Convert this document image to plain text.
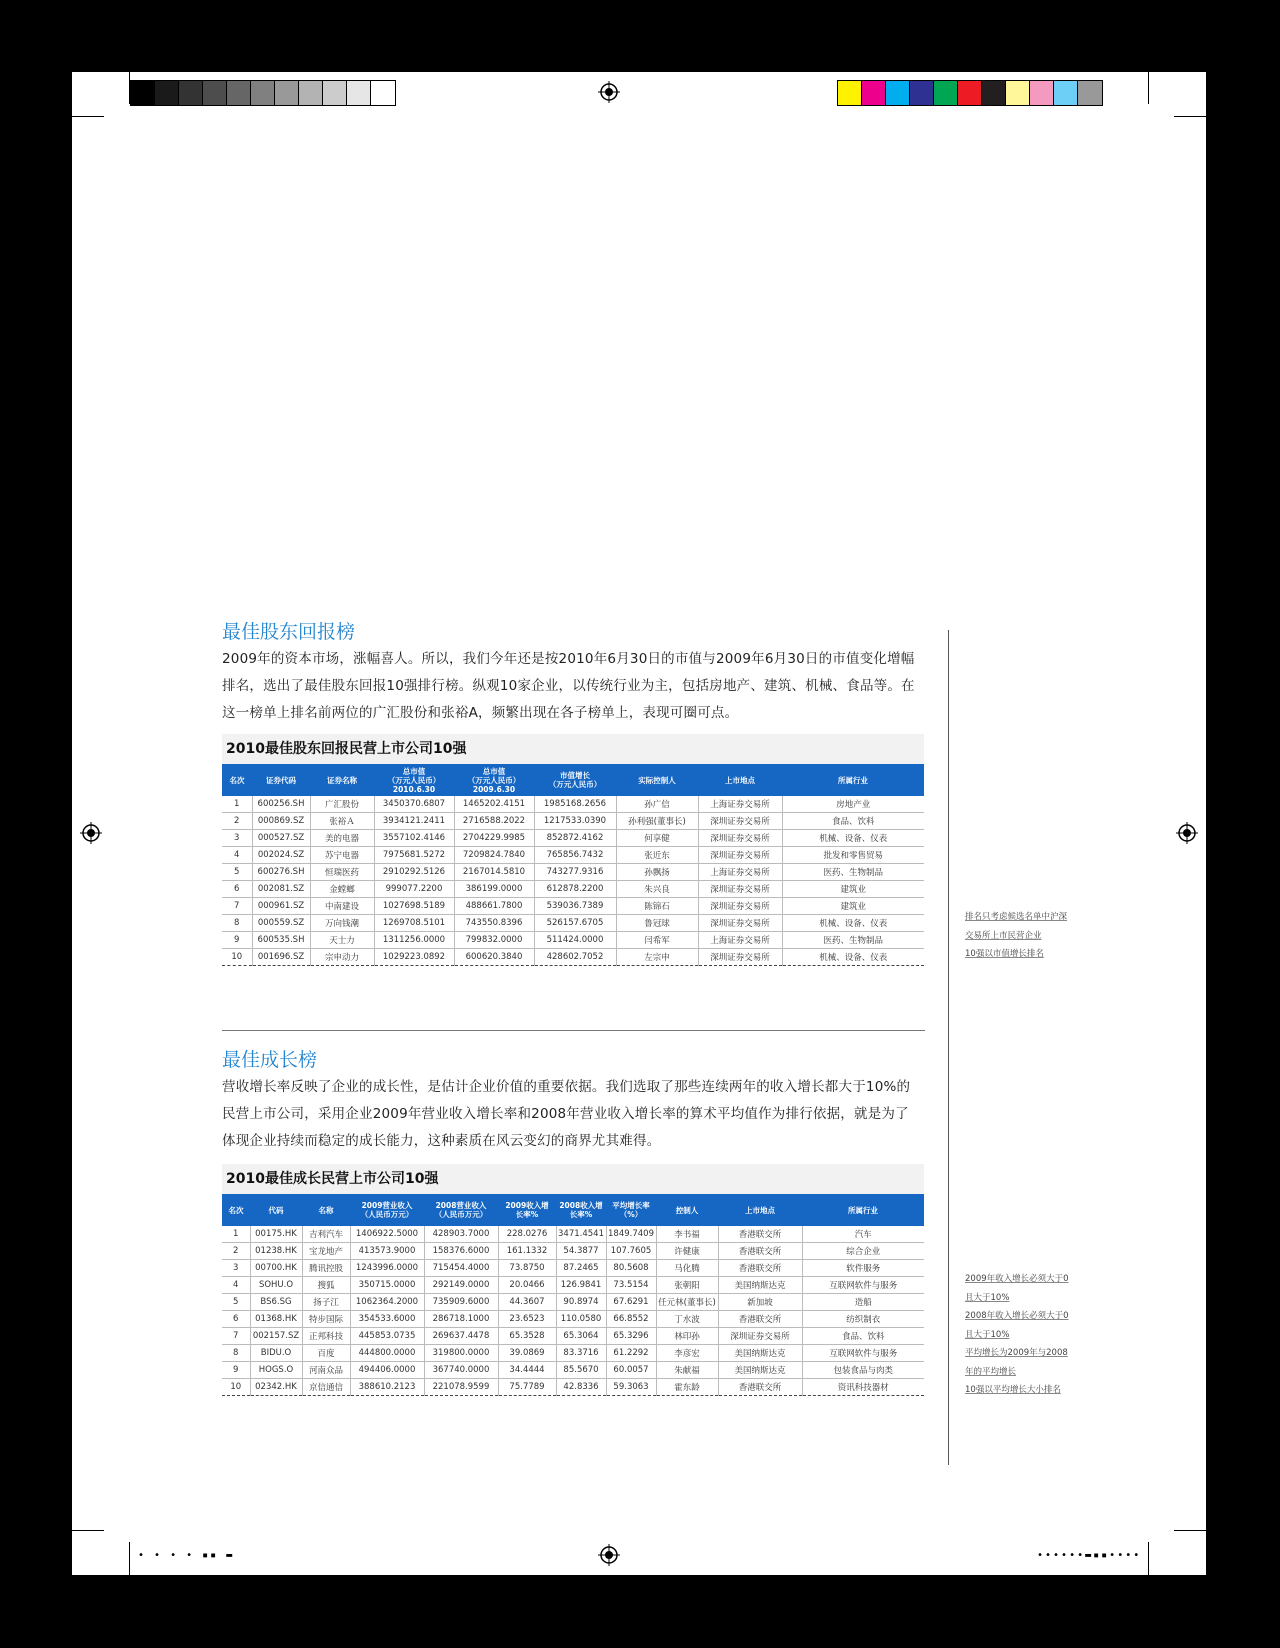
• • • • ▪▪ ▬	••••••▬▪▪••••
最佳股东回报榜
2009年的资本市场，涨幅喜人。所以，我们今年还是按2010年6月30日的市值与2009年6月30日的市值变化增幅排名，选出了最佳股东回报10强排行榜。纵观10家企业，以传统行业为主，包括房地产、建筑、机械、食品等。在这一榜单上排名前两位的广汇股份和张裕A，频繁出现在各子榜单上，表现可圈可点。
2010最佳股东回报民营上市公司10强
名次	证券代码	证券名称	总市值
（万元人民币）
2010.6.30	总市值
（万元人民币）
2009.6.30	市值增长
（万元人民币）	实际控制人	上市地点	所属行业
1	600256.SH	广汇股份	3450370.6807	1465202.4151	1985168.2656	孙广信	上海证券交易所	房地产业
2	000869.SZ	张裕Ａ	3934121.2411	2716588.2022	1217533.0390	孙利强(董事长)	深圳证券交易所	食品、饮料
3	000527.SZ	美的电器	3557102.4146	2704229.9985	852872.4162	何享健	深圳证券交易所	机械、设备、仪表
4	002024.SZ	苏宁电器	7975681.5272	7209824.7840	765856.7432	张近东	深圳证券交易所	批发和零售贸易
5	600276.SH	恒瑞医药	2910292.5126	2167014.5810	743277.9316	孙飘扬	上海证券交易所	医药、生物制品
6	002081.SZ	金螳螂	999077.2200	386199.0000	612878.2200	朱兴良	深圳证券交易所	建筑业
7	000961.SZ	中南建设	1027698.5189	488661.7800	539036.7389	陈锦石	深圳证券交易所	建筑业
8	000559.SZ	万向钱潮	1269708.5101	743550.8396	526157.6705	鲁冠球	深圳证券交易所	机械、设备、仪表
9	600535.SH	天士力	1311256.0000	799832.0000	511424.0000	闫希军	上海证券交易所	医药、生物制品
10	001696.SZ	宗申动力	1029223.0892	600620.3840	428602.7052	左宗申	深圳证券交易所	机械、设备、仪表
排名只考虑候选名单中沪深
交易所上市民营企业
10强以市值增长排名
最佳成长榜
营收增长率反映了企业的成长性，是估计企业价值的重要依据。我们选取了那些连续两年的收入增长都大于10%的民营上市公司，采用企业2009年营业收入增长率和2008年营业收入增长率的算术平均值作为排行依据，就是为了体现企业持续而稳定的成长能力，这种素质在风云变幻的商界尤其难得。
2010最佳成长民营上市公司10强
名次	代码	名称	2009营业收入
（人民币万元）	2008营业收入
（人民币万元）	2009收入增
长率%	2008收入增
长率%	平均增长率
（%）	控制人	上市地点	所属行业
1	00175.HK	吉利汽车	1406922.5000	428903.7000	228.0276	3471.4541	1849.7409	李书福	香港联交所	汽车
2	01238.HK	宝龙地产	413573.9000	158376.6000	161.1332	54.3877	107.7605	许健康	香港联交所	综合企业
3	00700.HK	腾讯控股	1243996.0000	715454.4000	73.8750	87.2465	80.5608	马化腾	香港联交所	软件服务
4	SOHU.O	搜狐	350715.0000	292149.0000	20.0466	126.9841	73.5154	张朝阳	美国纳斯达克	互联网软件与服务
5	BS6.SG	扬子江	1062364.2000	735909.6000	44.3607	90.8974	67.6291	任元林(董事长)	新加坡	造船
6	01368.HK	特步国际	354533.6000	286718.1000	23.6523	110.0580	66.8552	丁水波	香港联交所	纺织制衣
7	002157.SZ	正邦科技	445853.0735	269637.4478	65.3528	65.3064	65.3296	林印孙	深圳证券交易所	食品、饮料
8	BIDU.O	百度	444800.0000	319800.0000	39.0869	83.3716	61.2292	李彦宏	美国纳斯达克	互联网软件与服务
9	HOGS.O	河南众品	494406.0000	367740.0000	34.4444	85.5670	60.0057	朱献福	美国纳斯达克	包装食品与肉类
10	02342.HK	京信通信	388610.2123	221078.9599	75.7789	42.8336	59.3063	霍东龄	香港联交所	资讯科技器材
2009年收入增长必须大于0
且大于10%
2008年收入增长必须大于0
且大于10%
平均增长为2009年与2008
年的平均增长
10强以平均增长大小排名
